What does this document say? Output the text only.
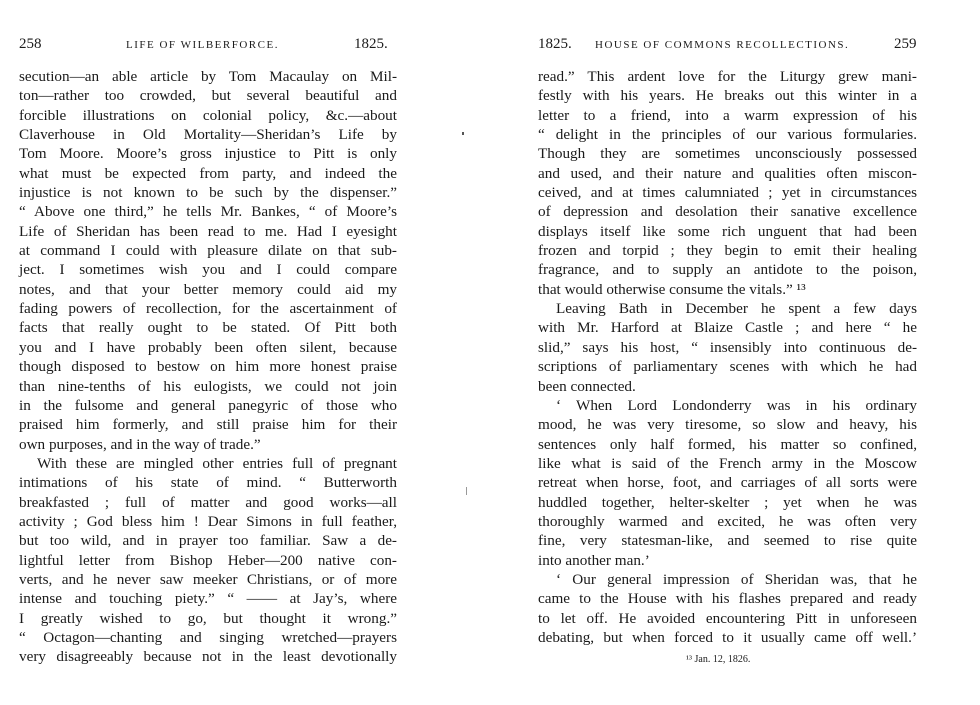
258	LIFE OF WILBERFORCE.	1825.
secution—an able article by Tom Macaulay on Mil-
ton—rather too crowded, but several beautiful and
forcible illustrations on colonial policy, &c.—about
Claverhouse in Old Mortality—Sheridan’s Life by
Tom Moore. Moore’s gross injustice to Pitt is only
what must be expected from party, and indeed the
injustice is not known to be such by the dispenser.”
“ Above one third,” he tells Mr. Bankes, “ of Moore’s
Life of Sheridan has been read to me. Had I eyesight
at command I could with pleasure dilate on that sub-
ject. I sometimes wish you and I could compare
notes, and that your better memory could aid my
fading powers of recollection, for the ascertainment of
facts that really ought to be stated. Of Pitt both
you and I have probably been often silent, because
though disposed to bestow on him more honest praise
than nine-tenths of his eulogists, we could not join
in the fulsome and general panegyric of those who
praised him formerly, and still praise him for their
own purposes, and in the way of trade.”
With these are mingled other entries full of pregnant
intimations of his state of mind. “ Butterworth
breakfasted ; full of matter and good works—all
activity ; God bless him ! Dear Simons in full feather,
but too wild, and in prayer too familiar. Saw a de-
lightful letter from Bishop Heber—200 native con-
verts, and he never saw meeker Christians, or of more
intense and touching piety.” “ —— at Jay’s, where
I greatly wished to go, but thought it wrong.”
“ Octagon—chanting and singing wretched—prayers
very disagreeably because not in the least devotionally
1825. HOUSE OF COMMONS RECOLLECTIONS.	259
read.” This ardent love for the Liturgy grew mani-
festly with his years. He breaks out this winter in a
letter to a friend, into a warm expression of his
“ delight in the principles of our various formularies.
Though they are sometimes unconsciously possessed
and used, and their nature and qualities often miscon-
ceived, and at times calumniated ; yet in circumstances
of depression and desolation their sanative excellence
displays itself like some rich unguent that had been
frozen and torpid ; they begin to emit their healing
fragrance, and to supply an antidote to the poison,
that would otherwise consume the vitals.” ¹³
Leaving Bath in December he spent a few days
with Mr. Harford at Blaize Castle ; and here “ he
slid,” says his host, “ insensibly into continuous de-
scriptions of parliamentary scenes with which he had
been connected.
‘ When Lord Londonderry was in his ordinary
mood, he was very tiresome, so slow and heavy, his
sentences only half formed, his matter so confined,
like what is said of the French army in the Moscow
retreat when horse, foot, and carriages of all sorts were
huddled together, helter-skelter ; yet when he was
thoroughly warmed and excited, he was often very
fine, very statesman-like, and seemed to rise quite
into another man.’
‘ Our general impression of Sheridan was, that he
came to the House with his flashes prepared and ready
to let off. He avoided encountering Pitt in unforeseen
debating, but when forced to it usually came off well.’
¹³ Jan. 12, 1826.
